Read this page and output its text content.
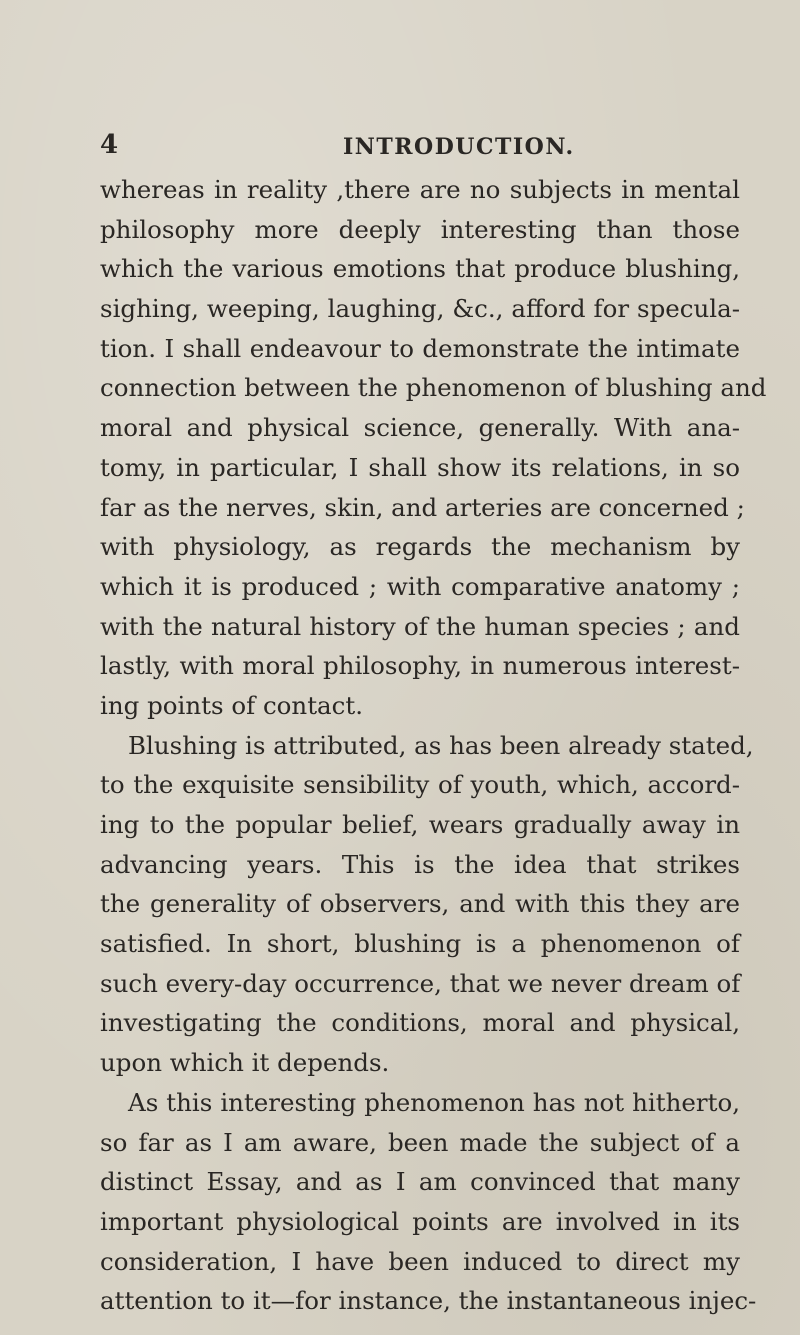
4	INTRODUCTION.
whereas in reality ,there are no subjects in mental
philosophy more deeply interesting than those
which the various emotions that produce blushing,
sighing, weeping, laughing, &c., afford for specula-
tion. I shall endeavour to demonstrate the intimate
connection between the phenomenon of blushing and
moral and physical science, generally. With ana-
tomy, in particular, I shall show its relations, in so
far as the nerves, skin, and arteries are concerned ;
with physiology, as regards the mechanism by
which it is produced ; with comparative anatomy ;
with the natural history of the human species ; and
lastly, with moral philosophy, in numerous interest-
ing points of contact.
Blushing is attributed, as has been already stated,
to the exquisite sensibility of youth, which, accord-
ing to the popular belief, wears gradually away in
advancing years. This is the idea that strikes
the generality of observers, and with this they are
satisfied. In short, blushing is a phenomenon of
such every-day occurrence, that we never dream of
investigating the conditions, moral and physical,
upon which it depends.
As this interesting phenomenon has not hitherto,
so far as I am aware, been made the subject of a
distinct Essay, and as I am convinced that many
important physiological points are involved in its
consideration, I have been induced to direct my
attention to it—for instance, the instantaneous injec-
